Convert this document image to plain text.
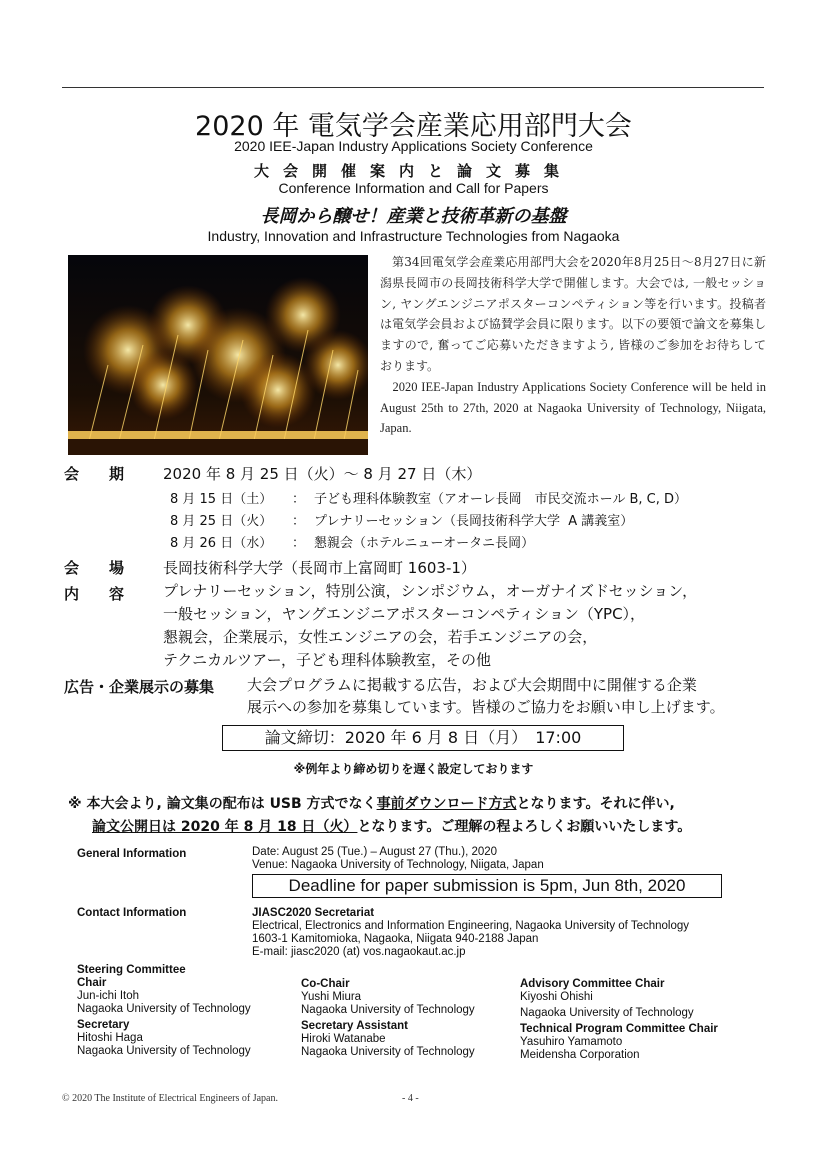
2020 年 電気学会産業応用部門大会
2020 IEE-Japan Industry Applications Society Conference
大会開催案内と論文募集
Conference Information and Call for Papers
長岡から醸せ！産業と技術革新の基盤
Industry, Innovation and Infrastructure Technologies from Nagaoka

第34回電気学会産業応用部門大会を2020年8月25日～8月27日に新潟県長岡市の長岡技術科学大学で開催します。大会では, 一般セッション, ヤングエンジニアポスターコンペティション等を行います。投稿者は電気学会員および協賛学会員に限ります。以下の要領で論文を募集しますので, 奮ってご応募いただきますよう, 皆様のご参加をお待ちしております。

2020 IEE-Japan Industry Applications Society Conference will be held in August 25th to 27th, 2020 at Nagaoka University of Technology, Niigata, Japan.

会　　期	2020 年 8 月 25 日（火）～ 8 月 27 日（木）
8 月 15 日（土） ： 子ども理科体験教室（アオーレ長岡　市民交流ホール B, C, D）
8 月 25 日（火） ： プレナリーセッション（長岡技術科学大学  A 講義室）
8 月 26 日（水） ： 懇親会（ホテルニューオータニ長岡）
会　　場	長岡技術科学大学（長岡市上富岡町 1603-1）
内　　容	プレナリーセッション，特別公演，シンポジウム，オーガナイズドセッション，
一般セッション，ヤングエンジニアポスターコンペティション（YPC），
懇親会，企業展示，女性エンジニアの会，若手エンジニアの会，
テクニカルツアー，子ども理科体験教室，その他
広告・企業展示の募集 大会プログラムに掲載する広告，および大会期間中に開催する企業
展示への参加を募集しています。皆様のご協力をお願い申し上げます。
論文締切：2020 年 6 月 8 日（月）　17:00
※例年より締め切りを遅く設定しております
※ 本大会より, 論文集の配布は USB 方式でなく事前ダウンロード方式となります。それに伴い,
論文公開日は 2020 年 8 月 18 日（火）となります。ご理解の程よろしくお願いいたします。
General Information	Date: August 25 (Tue.) – August 27 (Thu.), 2020
Venue: Nagaoka University of Technology, Niigata, Japan
Deadline for paper submission is 5pm, Jun 8th, 2020
Contact Information	JIASC2020 Secretariat
Electrical, Electronics and Information Engineering, Nagaoka University of Technology
1603-1 Kamitomioka, Nagaoka, Niigata 940-2188 Japan
E-mail: jiasc2020 (at) vos.nagaokaut.ac.jp
Steering Committee
Chair
Jun-ichi Itoh
Nagaoka University of Technology
Secretary
Hitoshi Haga
Nagaoka University of Technology
Co-Chair
Yushi Miura
Nagaoka University of Technology
Secretary Assistant
Hiroki Watanabe
Nagaoka University of Technology
Advisory Committee Chair
Kiyoshi Ohishi
Nagaoka University of Technology
Technical Program Committee Chair
Yasuhiro Yamamoto
Meidensha Corporation
© 2020 The Institute of Electrical Engineers of Japan.	- 4 -
